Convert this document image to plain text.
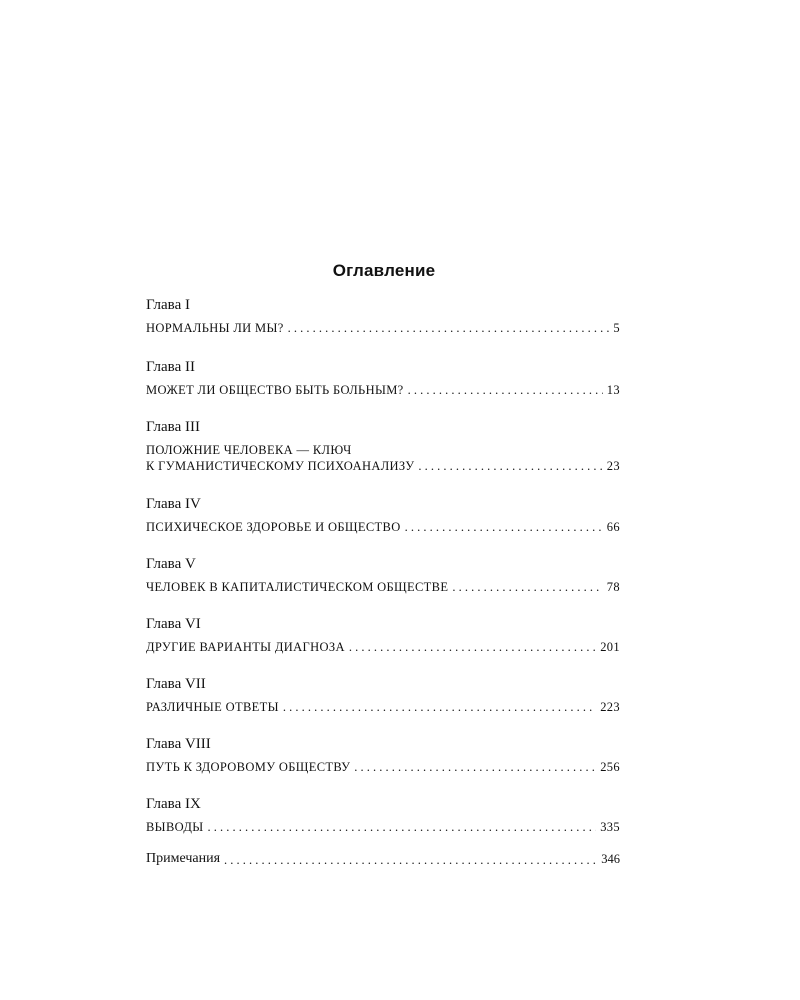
Оглавление
Глава I
НОРМАЛЬНЫ ЛИ МЫ? . . .	5
Глава II
МОЖЕТ ЛИ ОБЩЕСТВО БЫТЬ БОЛЬНЫМ? . . .	13
Глава III
ПОЛОЖНИЕ ЧЕЛОВЕКА — КЛЮЧ
К ГУМАНИСТИЧЕСКОМУ ПСИХОАНАЛИЗУ . . .	23
Глава IV
ПСИХИЧЕСКОЕ ЗДОРОВЬЕ И ОБЩЕСТВО . . .	66
Глава V
ЧЕЛОВЕК В КАПИТАЛИСТИЧЕСКОМ ОБЩЕСТВЕ . . .	78
Глава VI
ДРУГИЕ ВАРИАНТЫ ДИАГНОЗА . . .	201
Глава VII
РАЗЛИЧНЫЕ ОТВЕТЫ . . .	223
Глава VIII
ПУТЬ К ЗДОРОВОМУ ОБЩЕСТВУ . . .	256
Глава IX
ВЫВОДЫ . . .	335
Примечания . . .	346
